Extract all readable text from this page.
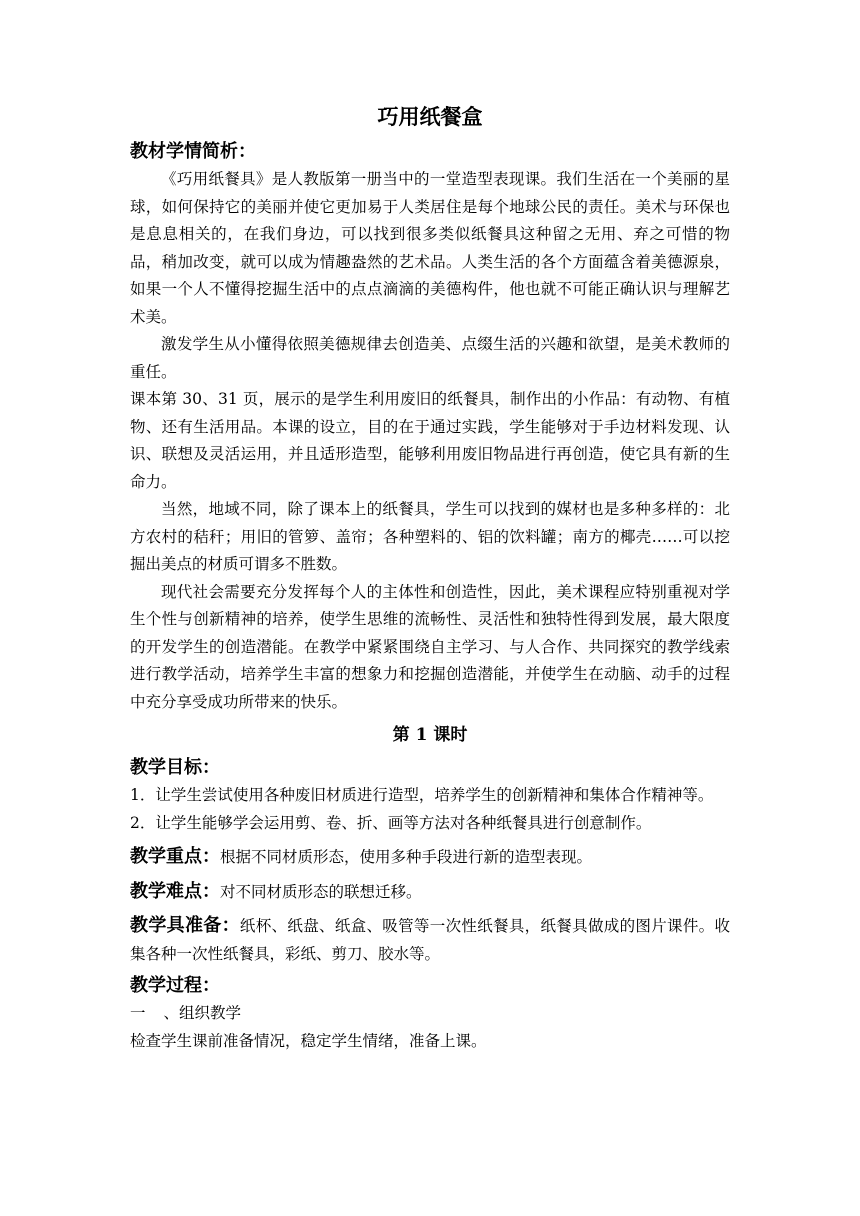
巧用纸餐盒
教材学情简析：

《巧用纸餐具》是人教版第一册当中的一堂造型表现课。我们生活在一个美丽的星球，如何保持它的美丽并使它更加易于人类居住是每个地球公民的责任。美术与环保也是息息相关的，在我们身边，可以找到很多类似纸餐具这种留之无用、弃之可惜的物品，稍加改变，就可以成为情趣盎然的艺术品。人类生活的各个方面蕴含着美德源泉，如果一个人不懂得挖掘生活中的点点滴滴的美德构件，他也就不可能正确认识与理解艺术美。

激发学生从小懂得依照美德规律去创造美、点缀生活的兴趣和欲望，是美术教师的重任。

课本第 30、31 页，展示的是学生利用废旧的纸餐具，制作出的小作品：有动物、有植物、还有生活用品。本课的设立，目的在于通过实践，学生能够对于手边材料发现、认识、联想及灵活运用，并且适形造型，能够利用废旧物品进行再创造，使它具有新的生命力。

当然，地域不同，除了课本上的纸餐具，学生可以找到的媒材也是多种多样的：北方农村的秸秆；用旧的管箩、盖帘；各种塑料的、铝的饮料罐；南方的椰壳……可以挖掘出美点的材质可谓多不胜数。

现代社会需要充分发挥每个人的主体性和创造性，因此，美术课程应特别重视对学生个性与创新精神的培养，使学生思维的流畅性、灵活性和独特性得到发展，最大限度的开发学生的创造潜能。在教学中紧紧围绕自主学习、与人合作、共同探究的教学线索进行教学活动，培养学生丰富的想象力和挖掘创造潜能，并使学生在动脑、动手的过程中充分享受成功所带来的快乐。

第 1 课时
教学目标：

1．让学生尝试使用各种废旧材质进行造型，培养学生的创新精神和集体合作精神等。

2．让学生能够学会运用剪、卷、折、画等方法对各种纸餐具进行创意制作。

教学重点：根据不同材质形态，使用多种手段进行新的造型表现。

教学难点：对不同材质形态的联想迁移。

教学具准备：纸杯、纸盘、纸盒、吸管等一次性纸餐具，纸餐具做成的图片课件。收集各种一次性纸餐具，彩纸、剪刀、胶水等。

教学过程：

一 、组织教学

检查学生课前准备情况，稳定学生情绪，准备上课。
